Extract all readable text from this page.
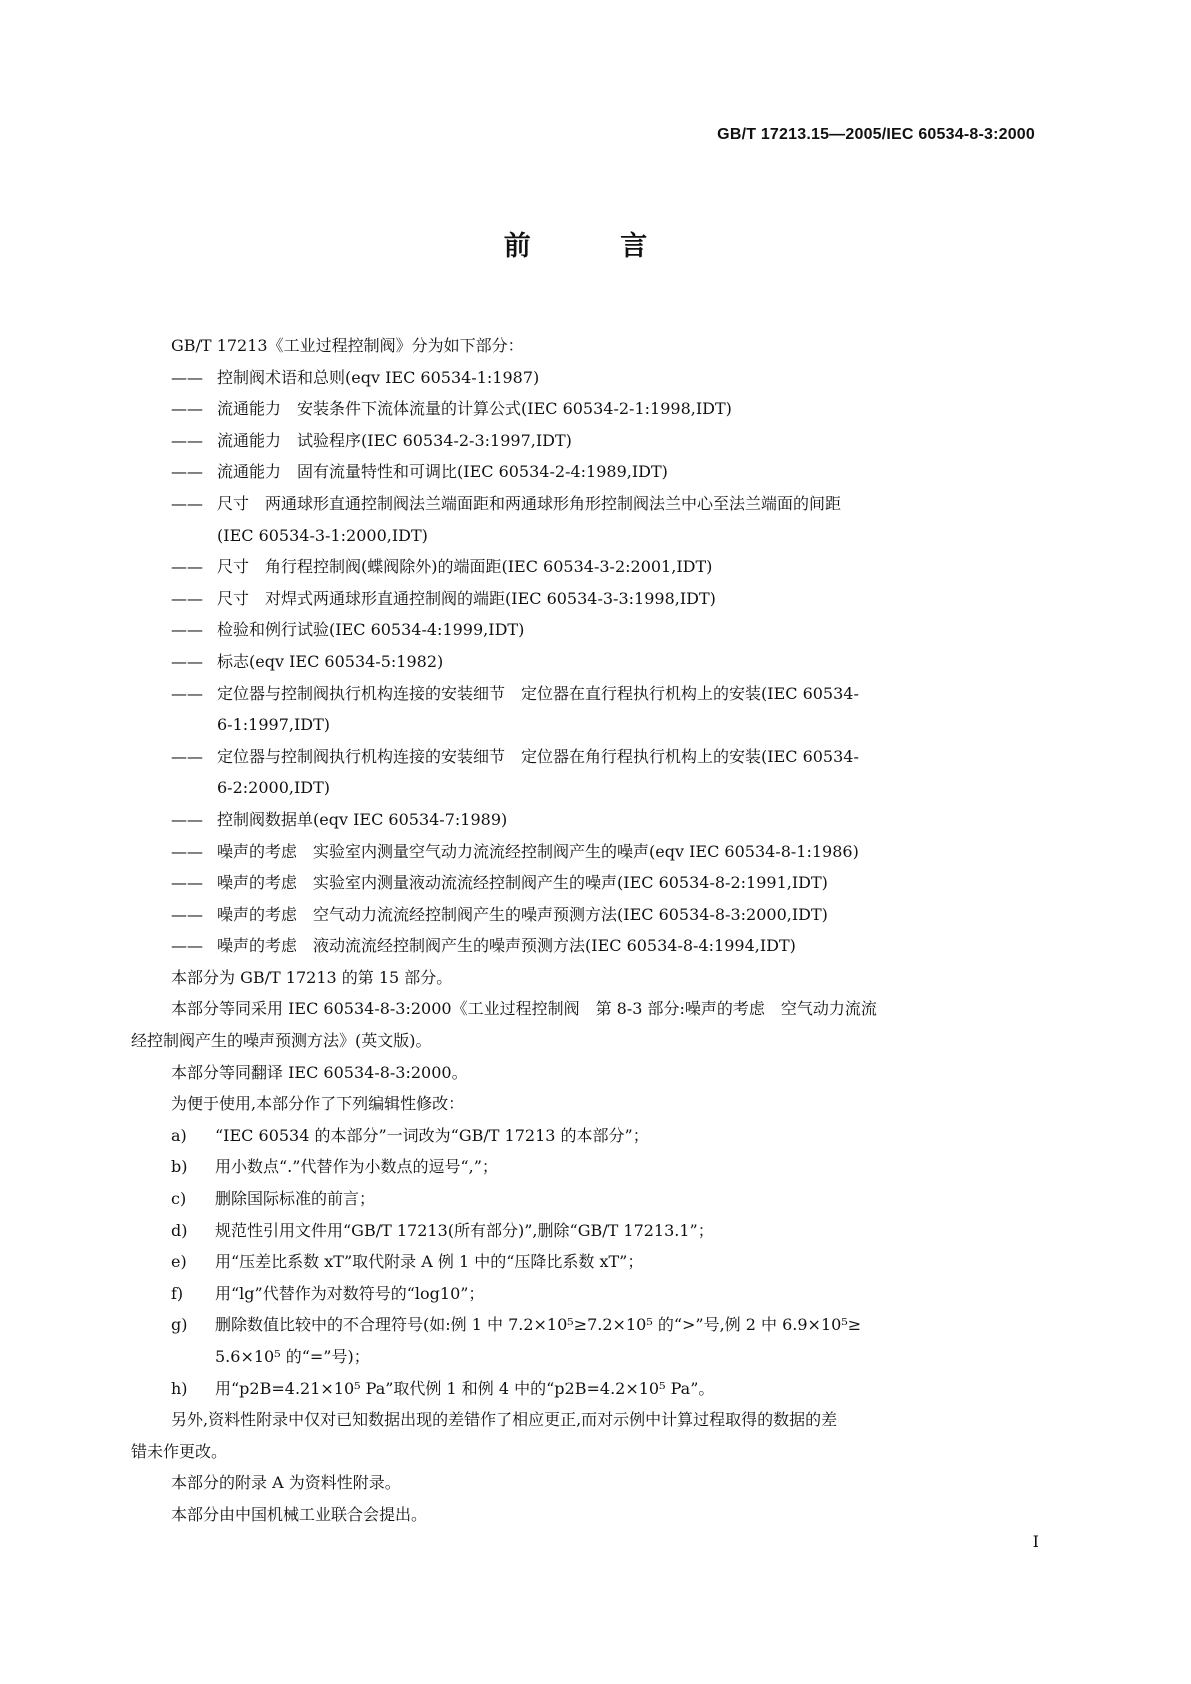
GB/T 17213.15—2005/IEC 60534-8-3:2000
前 言

GB/T 17213《工业过程控制阀》分为如下部分：

—— 控制阀术语和总则(eqv IEC 60534-1:1987)

—— 流通能力　安装条件下流体流量的计算公式(IEC 60534-2-1:1998,IDT)

—— 流通能力　试验程序(IEC 60534-2-3:1997,IDT)

—— 流通能力　固有流量特性和可调比(IEC 60534-2-4:1989,IDT)

—— 尺寸　两通球形直通控制阀法兰端面距和两通球形角形控制阀法兰中心至法兰端面的间距

(IEC 60534-3-1:2000,IDT)

—— 尺寸　角行程控制阀(蝶阀除外)的端面距(IEC 60534-3-2:2001,IDT)

—— 尺寸　对焊式两通球形直通控制阀的端距(IEC 60534-3-3:1998,IDT)

—— 检验和例行试验(IEC 60534-4:1999,IDT)

—— 标志(eqv IEC 60534-5:1982)

—— 定位器与控制阀执行机构连接的安装细节　定位器在直行程执行机构上的安装(IEC 60534-

6-1:1997,IDT)

—— 定位器与控制阀执行机构连接的安装细节　定位器在角行程执行机构上的安装(IEC 60534-

6-2:2000,IDT)

—— 控制阀数据单(eqv IEC 60534-7:1989)

—— 噪声的考虑　实验室内测量空气动力流流经控制阀产生的噪声(eqv IEC 60534-8-1:1986)

—— 噪声的考虑　实验室内测量液动流流经控制阀产生的噪声(IEC 60534-8-2:1991,IDT)

—— 噪声的考虑　空气动力流流经控制阀产生的噪声预测方法(IEC 60534-8-3:2000,IDT)

—— 噪声的考虑　液动流流经控制阀产生的噪声预测方法(IEC 60534-8-4:1994,IDT)

本部分为 GB/T 17213 的第 15 部分。

本部分等同采用 IEC 60534-8-3:2000《工业过程控制阀　第 8-3 部分:噪声的考虑　空气动力流流

经控制阀产生的噪声预测方法》(英文版)。

本部分等同翻译 IEC 60534-8-3:2000。

为便于使用,本部分作了下列编辑性修改：

a) “IEC 60534 的本部分”一词改为“GB/T 17213 的本部分”；

b) 用小数点“.”代替作为小数点的逗号“,”；

c) 删除国际标准的前言；

d) 规范性引用文件用“GB/T 17213(所有部分)”,删除“GB/T 17213.1”；

e) 用“压差比系数 xT”取代附录 A 例 1 中的“压降比系数 xT”；

f) 用“lg”代替作为对数符号的“log10”；

g) 删除数值比较中的不合理符号(如:例 1 中 7.2×10⁵≥7.2×10⁵ 的“>”号,例 2 中 6.9×10⁵≥

5.6×10⁵ 的“=”号)；

h) 用“p2B=4.21×10⁵ Pa”取代例 1 和例 4 中的“p2B=4.2×10⁵ Pa”。

另外,资料性附录中仅对已知数据出现的差错作了相应更正,而对示例中计算过程取得的数据的差

错未作更改。

本部分的附录 A 为资料性附录。

本部分由中国机械工业联合会提出。

I
